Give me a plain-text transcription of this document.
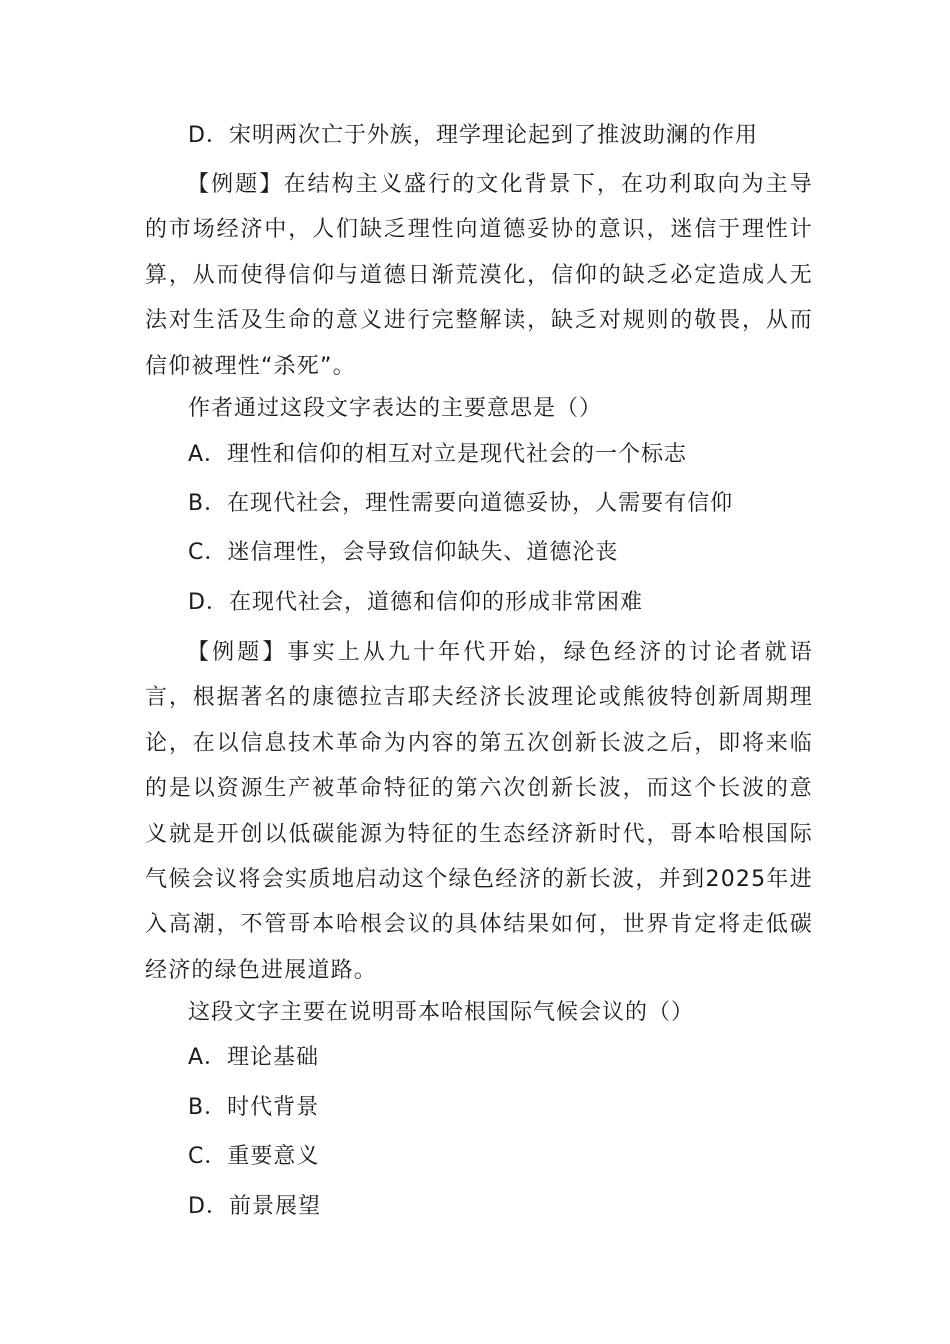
D．宋明两次亡于外族，理学理论起到了推波助澜的作用
【例题】在结构主义盛行的文化背景下，在功利取向为主导的市场经济中，人们缺乏理性向道德妥协的意识，迷信于理性计算，从而使得信仰与道德日渐荒漠化，信仰的缺乏必定造成人无法对生活及生命的意义进行完整解读，缺乏对规则的敬畏，从而信仰被理性“杀死”。
作者通过这段文字表达的主要意思是（）
A．理性和信仰的相互对立是现代社会的一个标志
B．在现代社会，理性需要向道德妥协，人需要有信仰
C．迷信理性，会导致信仰缺失、道德沦丧
D．在现代社会，道德和信仰的形成非常困难
【例题】事实上从九十年代开始，绿色经济的讨论者就语言，根据著名的康德拉吉耶夫经济长波理论或熊彼特创新周期理论，在以信息技术革命为内容的第五次创新长波之后，即将来临的是以资源生产被革命特征的第六次创新长波，而这个长波的意义就是开创以低碳能源为特征的生态经济新时代，哥本哈根国际气候会议将会实质地启动这个绿色经济的新长波，并到2025年进入高潮，不管哥本哈根会议的具体结果如何，世界肯定将走低碳经济的绿色进展道路。
这段文字主要在说明哥本哈根国际气候会议的（）
A．理论基础
B．时代背景
C．重要意义
D．前景展望
